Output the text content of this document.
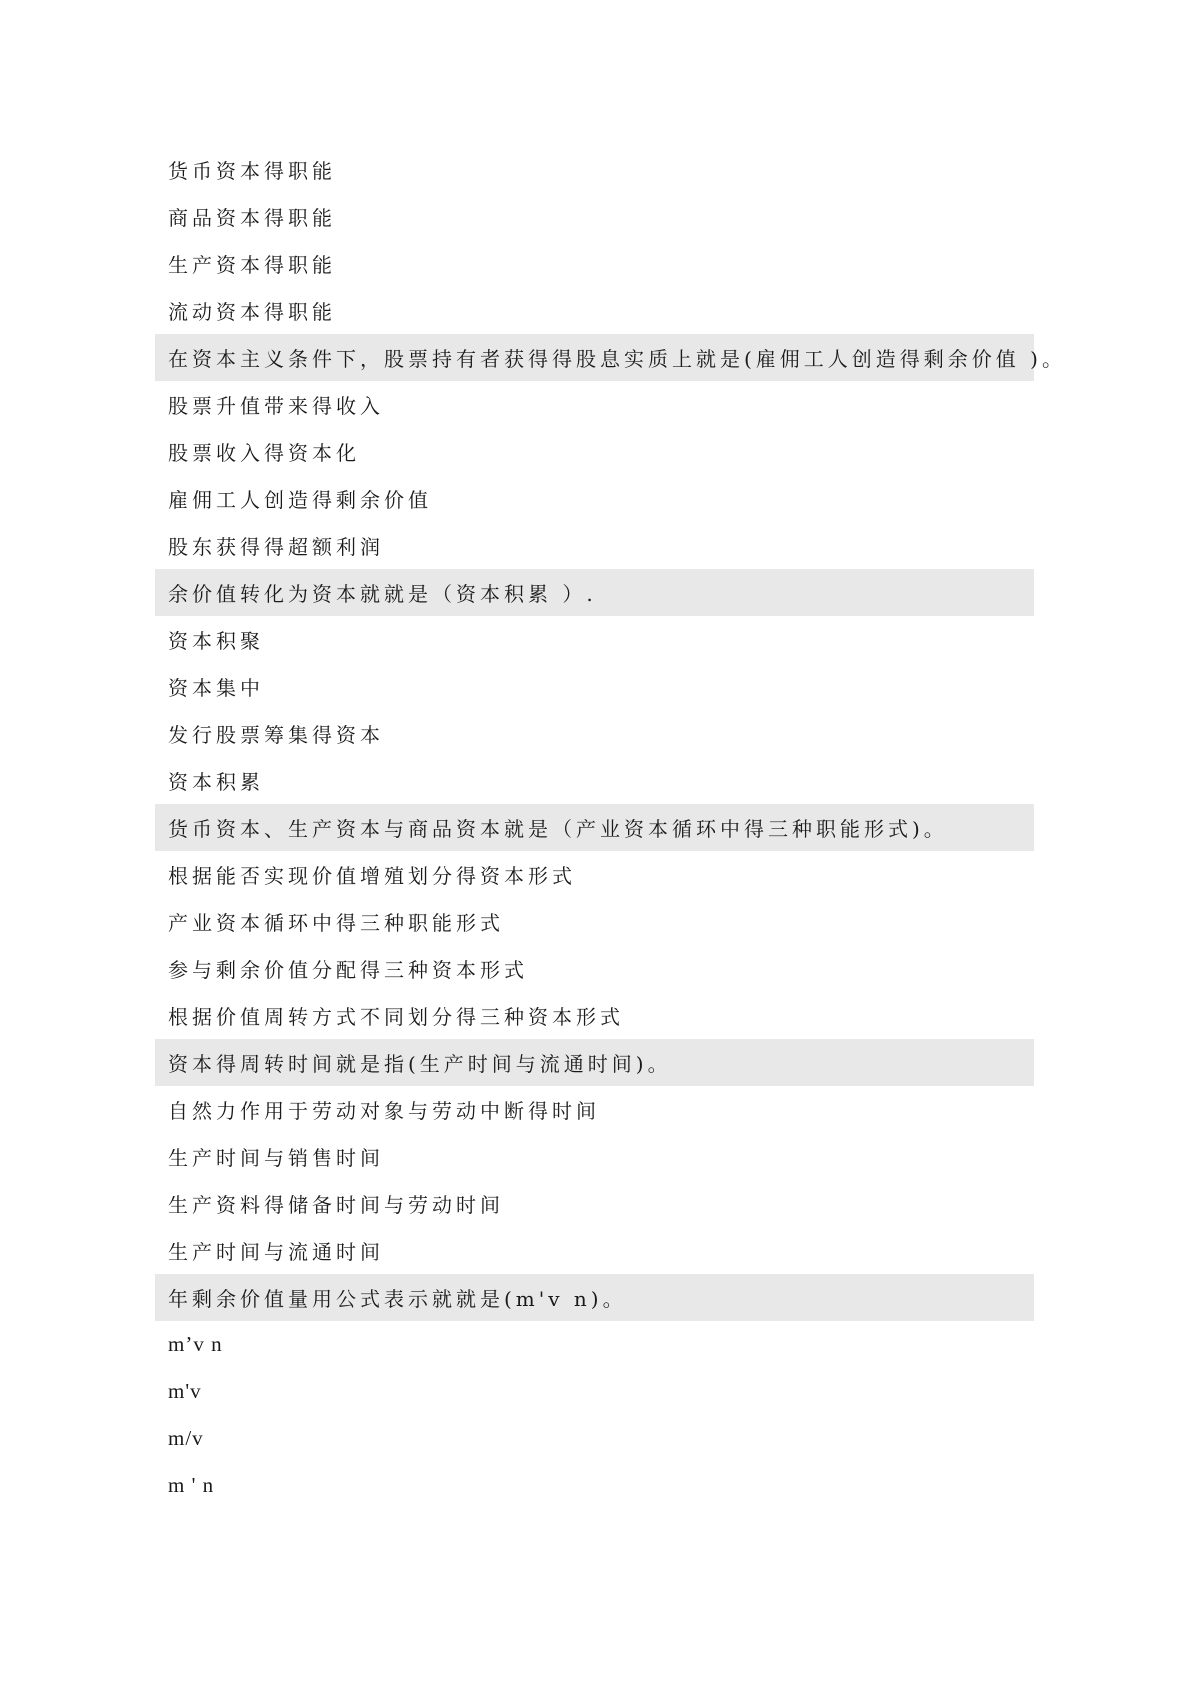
货币资本得职能
商品资本得职能
生产资本得职能
流动资本得职能
在资本主义条件下，股票持有者获得得股息实质上就是(雇佣工人创造得剩余价值 )。
股票升值带来得收入
股票收入得资本化
雇佣工人创造得剩余价值
股东获得得超额利润
余价值转化为资本就就是（资本积累 ）.
资本积聚
资本集中
发行股票筹集得资本
资本积累
货币资本、生产资本与商品资本就是（产业资本循环中得三种职能形式)。
根据能否实现价值增殖划分得资本形式
产业资本循环中得三种职能形式
参与剩余价值分配得三种资本形式
根据价值周转方式不同划分得三种资本形式
资本得周转时间就是指(生产时间与流通时间)。
自然力作用于劳动对象与劳动中断得时间
生产时间与销售时间
生产资料得储备时间与劳动时间
生产时间与流通时间
年剩余价值量用公式表示就就是(m'v n)。
m’v n
m'v
m/v
m ' n
